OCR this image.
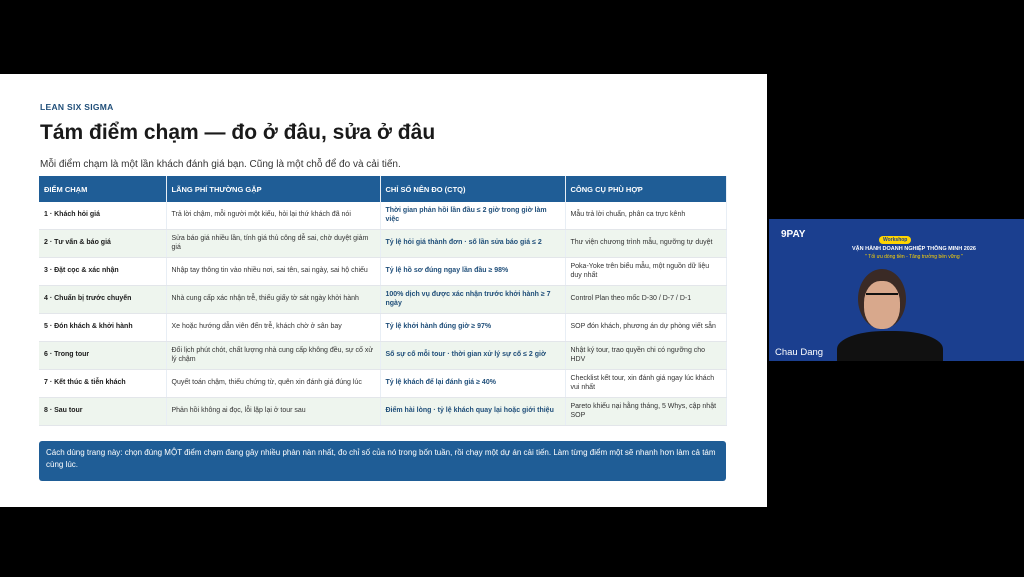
LEAN SIX SIGMA
Tám điểm chạm — đo ở đâu, sửa ở đâu
Mỗi điểm chạm là một lần khách đánh giá bạn. Cũng là một chỗ để đo và cải tiến.
ĐIỂM CHẠM	LÃNG PHÍ THƯỜNG GẶP	CHỈ SỐ NÊN ĐO (CTQ)	CÔNG CỤ PHÙ HỢP
1 · Khách hỏi giá	Trả lời chậm, mỗi người một kiểu, hỏi lại thứ khách đã nói	Thời gian phản hồi lần đầu ≤ 2 giờ trong giờ làm việc	Mẫu trả lời chuẩn, phân ca trực kênh
2 · Tư vấn & báo giá	Sửa báo giá nhiều lần, tính giá thủ công dễ sai, chờ duyệt giảm giá	Tỷ lệ hỏi giá thành đơn · số lần sửa báo giá ≤ 2	Thư viện chương trình mẫu, ngưỡng tự duyệt
3 · Đặt cọc & xác nhận	Nhập tay thông tin vào nhiều nơi, sai tên, sai ngày, sai hộ chiếu	Tỷ lệ hồ sơ đúng ngay lần đầu ≥ 98%	Poka-Yoke trên biểu mẫu, một nguồn dữ liệu duy nhất
4 · Chuẩn bị trước chuyến	Nhà cung cấp xác nhận trễ, thiếu giấy tờ sát ngày khởi hành	100% dịch vụ được xác nhận trước khởi hành ≥ 7 ngày	Control Plan theo mốc D-30 / D-7 / D-1
5 · Đón khách & khởi hành	Xe hoặc hướng dẫn viên đến trễ, khách chờ ở sân bay	Tỷ lệ khởi hành đúng giờ ≥ 97%	SOP đón khách, phương án dự phòng viết sẵn
6 · Trong tour	Đổi lịch phút chót, chất lượng nhà cung cấp không đều, sự cố xử lý chậm	Số sự cố mỗi tour · thời gian xử lý sự cố ≤ 2 giờ	Nhật ký tour, trao quyền chi có ngưỡng cho HDV
7 · Kết thúc & tiễn khách	Quyết toán chậm, thiếu chứng từ, quên xin đánh giá đúng lúc	Tỷ lệ khách để lại đánh giá ≥ 40%	Checklist kết tour, xin đánh giá ngay lúc khách vui nhất
8 · Sau tour	Phản hồi không ai đọc, lỗi lặp lại ở tour sau	Điểm hài lòng · tỷ lệ khách quay lại hoặc giới thiệu	Pareto khiếu nại hằng tháng, 5 Whys, cập nhật SOP
Cách dùng trang này: chọn đúng MỘT điểm chạm đang gây nhiều phàn nàn nhất, đo chỉ số của nó trong bốn tuần, rồi chạy một dự án cải tiến. Làm từng điểm một sẽ nhanh hơn làm cả tám cùng lúc.
9PAY	Workshop
VẬN HÀNH DOANH NGHIỆP THÔNG MINH 2026
" Tối ưu dòng tiền - Tăng trưởng bền vững "
Chau Dang
